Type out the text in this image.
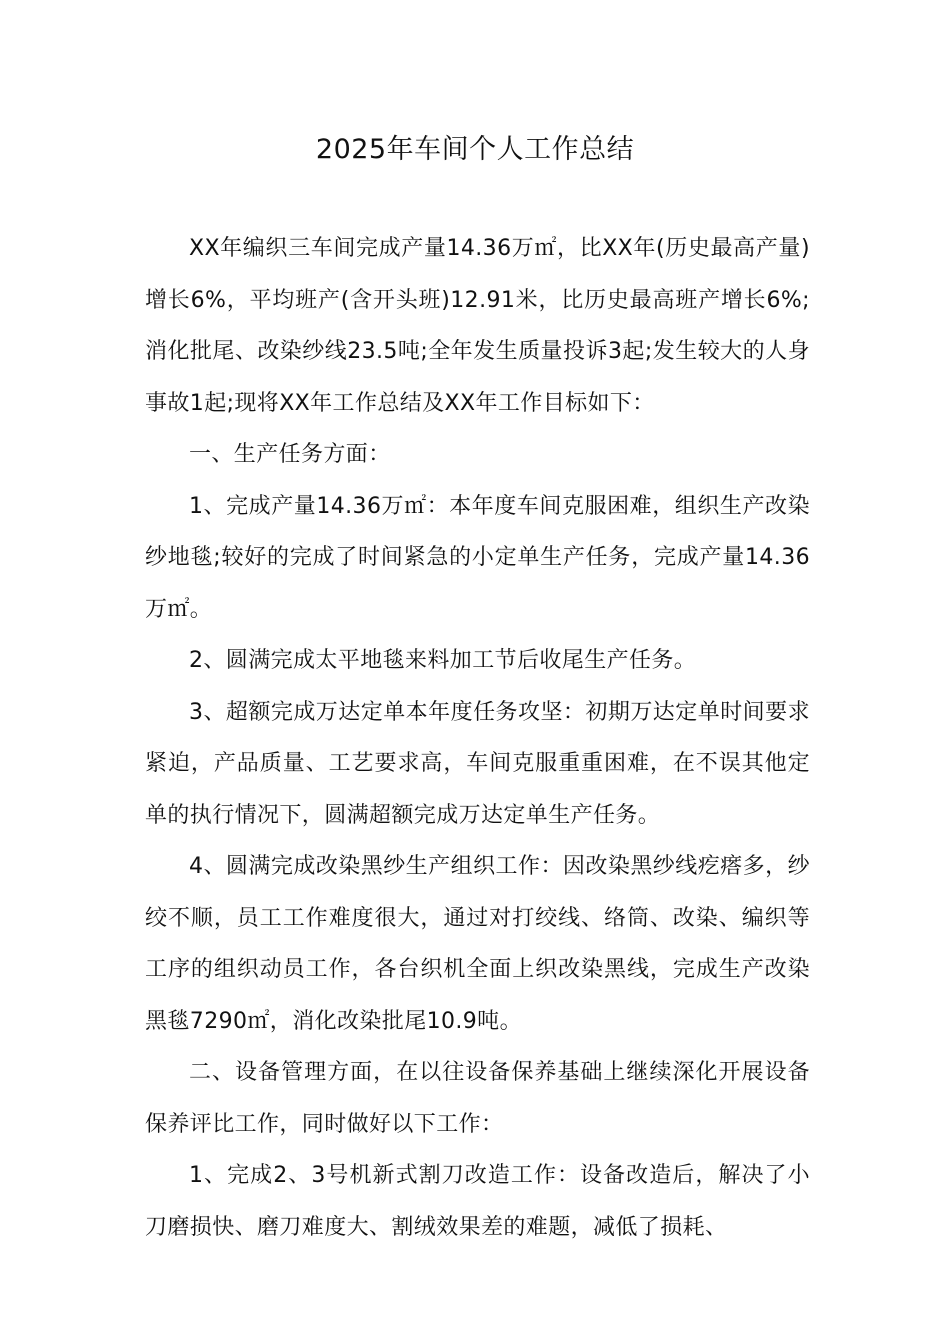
2025年车间个人工作总结

XX年编织三车间完成产量14.36万㎡，比XX年(历史最高产量)增长6%，平均班产(含开头班)12.91米，比历史最高班产增长6%;消化批尾、改染纱线23.5吨;全年发生质量投诉3起;发生较大的人身事故1起;现将XX年工作总结及XX年工作目标如下：

一、生产任务方面：

1、完成产量14.36万㎡：本年度车间克服困难，组织生产改染纱地毯;较好的完成了时间紧急的小定单生产任务，完成产量14.36万㎡。

2、圆满完成太平地毯来料加工节后收尾生产任务。

3、超额完成万达定单本年度任务攻坚：初期万达定单时间要求紧迫，产品质量、工艺要求高，车间克服重重困难，在不误其他定单的执行情况下，圆满超额完成万达定单生产任务。

4、圆满完成改染黑纱生产组织工作：因改染黑纱线疙瘩多，纱绞不顺，员工工作难度很大，通过对打绞线、络筒、改染、编织等工序的组织动员工作，各台织机全面上织改染黑线，完成生产改染黑毯7290㎡，消化改染批尾10.9吨。

二、设备管理方面，在以往设备保养基础上继续深化开展设备保养评比工作，同时做好以下工作：

1、完成2、3号机新式割刀改造工作：设备改造后，解决了小刀磨损快、磨刀难度大、割绒效果差的难题，减低了损耗、
